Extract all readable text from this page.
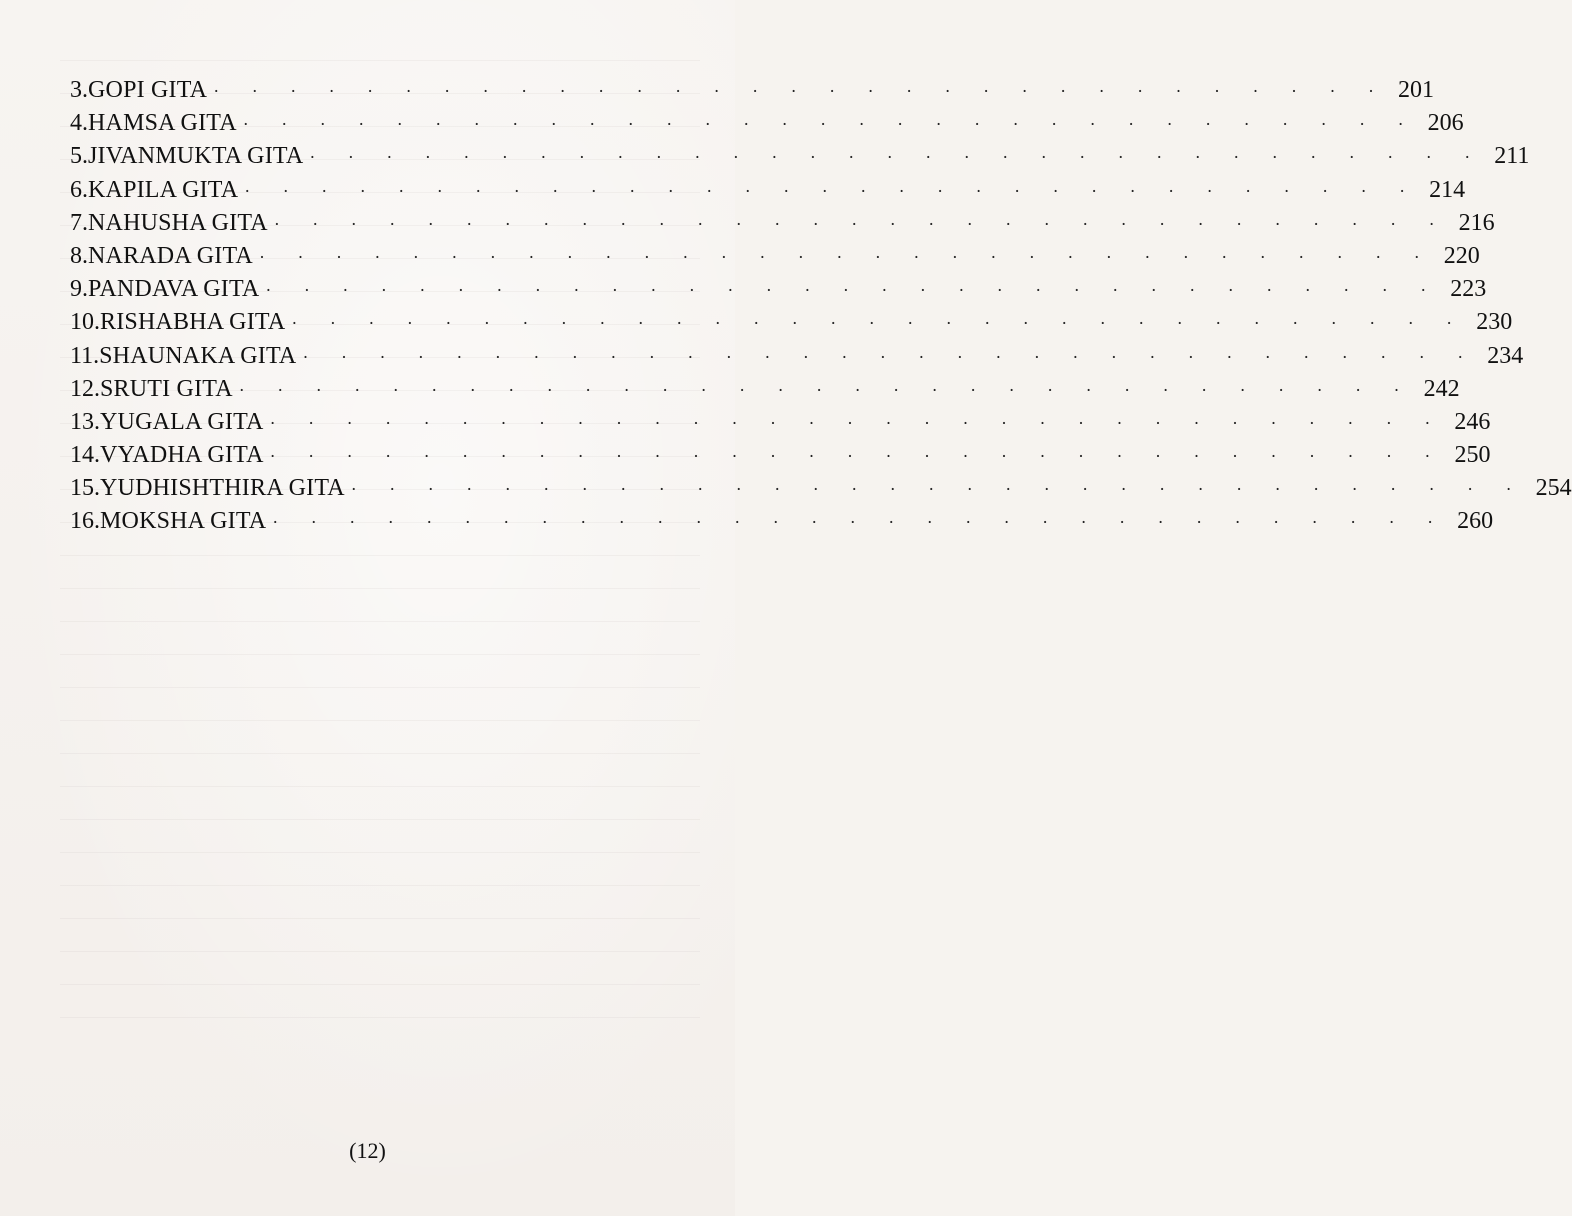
3. GOPI GITA · · · · · · · · · · · · · · · · · · · · · · · · · · · · · · · 201
4. HAMSA GITA · · · · · · · · · · · · · · · · · · · · · · · · · · · · · · · 206
5. JIVANMUKTA GITA · · · · · · · · · · · · · · · · · · · · · · · · · · · · · · · 211
6. KAPILA GITA · · · · · · · · · · · · · · · · · · · · · · · · · · · · · · · 214
7. NAHUSHA GITA · · · · · · · · · · · · · · · · · · · · · · · · · · · · · · · 216
8. NARADA GITA · · · · · · · · · · · · · · · · · · · · · · · · · · · · · · · 220
9. PANDAVA GITA · · · · · · · · · · · · · · · · · · · · · · · · · · · · · · · 223
10. RISHABHA GITA · · · · · · · · · · · · · · · · · · · · · · · · · · · · · · · 230
11. SHAUNAKA GITA · · · · · · · · · · · · · · · · · · · · · · · · · · · · · · · 234
12. SRUTI GITA · · · · · · · · · · · · · · · · · · · · · · · · · · · · · · · 242
13. YUGALA GITA · · · · · · · · · · · · · · · · · · · · · · · · · · · · · · · 246
14. VYADHA GITA · · · · · · · · · · · · · · · · · · · · · · · · · · · · · · · 250
15. YUDHISHTHIRA GITA · · · · · · · · · · · · · · · · · · · · · · · · · · · · · · · 254
16. MOKSHA GITA · · · · · · · · · · · · · · · · · · · · · · · · · · · · · · · 260
(12)
